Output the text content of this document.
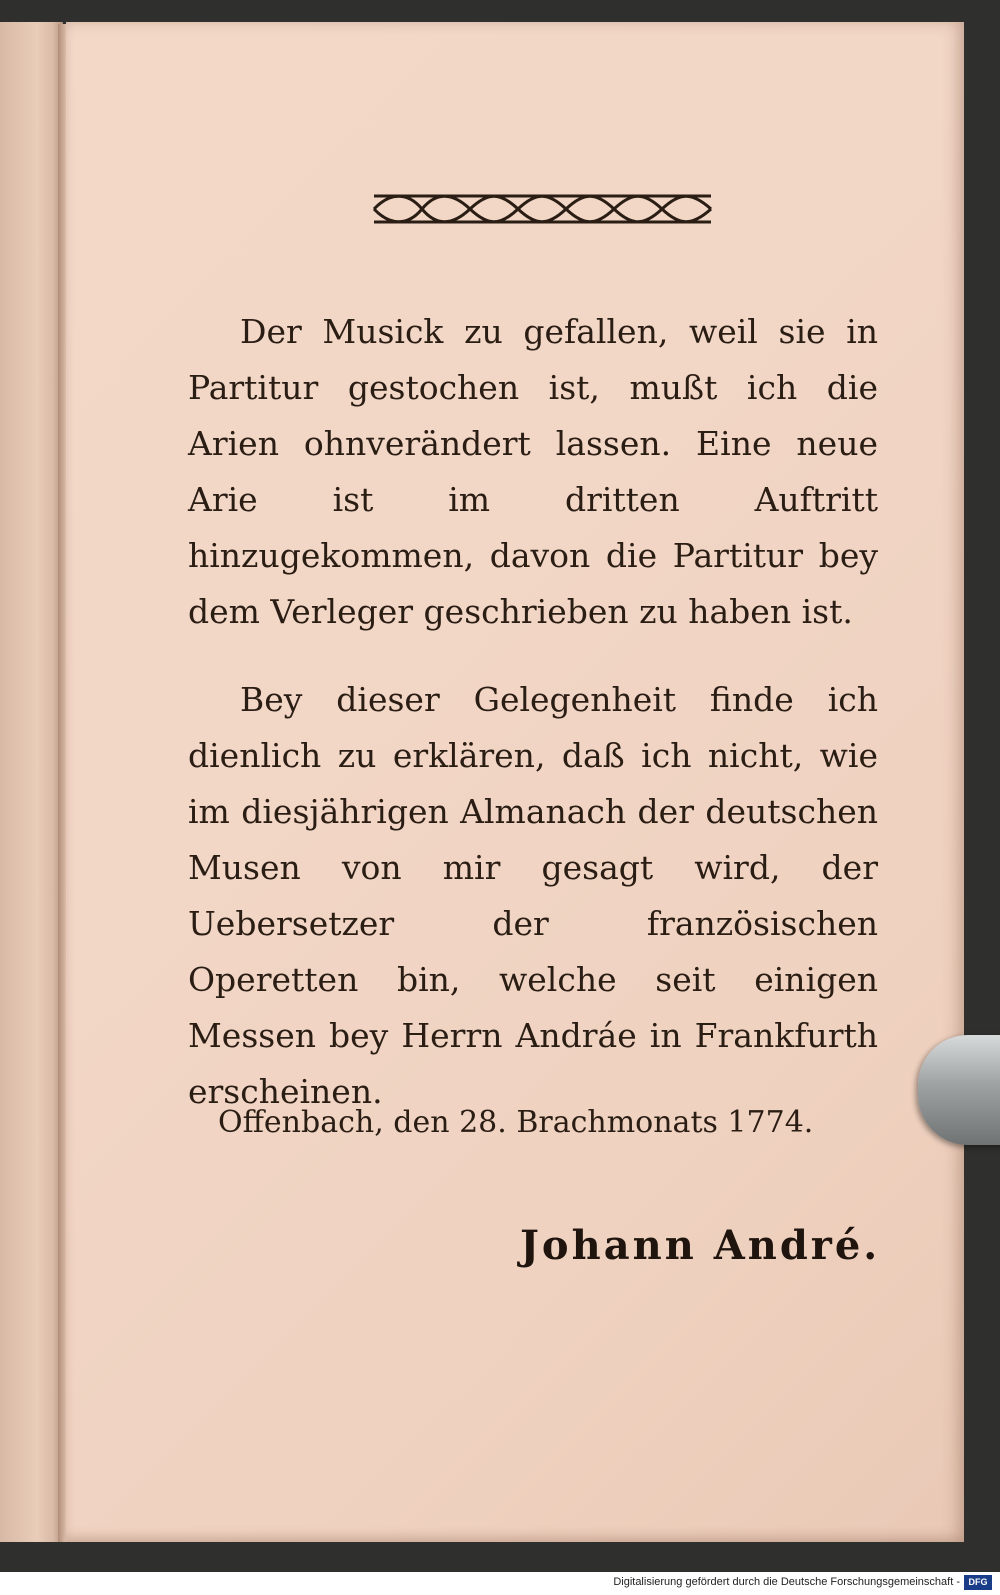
Der Musick zu gefallen, weil sie in Partitur gestochen ist, mußt ich die Arien ohnverändert lassen. Eine neue Arie ist im dritten Auftritt hinzugekommen, davon die Partitur bey dem Verleger geschrieben zu haben ist.

Bey dieser Gelegenheit finde ich dienlich zu erklären, daß ich nicht, wie im diesjährigen Almanach der deutschen Musen von mir gesagt wird, der Uebersetzer der französischen Operetten bin, welche seit einigen Messen bey Herrn Andráe in Frankfurth erscheinen.

Offenbach, den 28. Brachmonats 1774.

Johann André.

Digitalisierung gefördert durch die Deutsche Forschungsgemeinschaft - DFG
